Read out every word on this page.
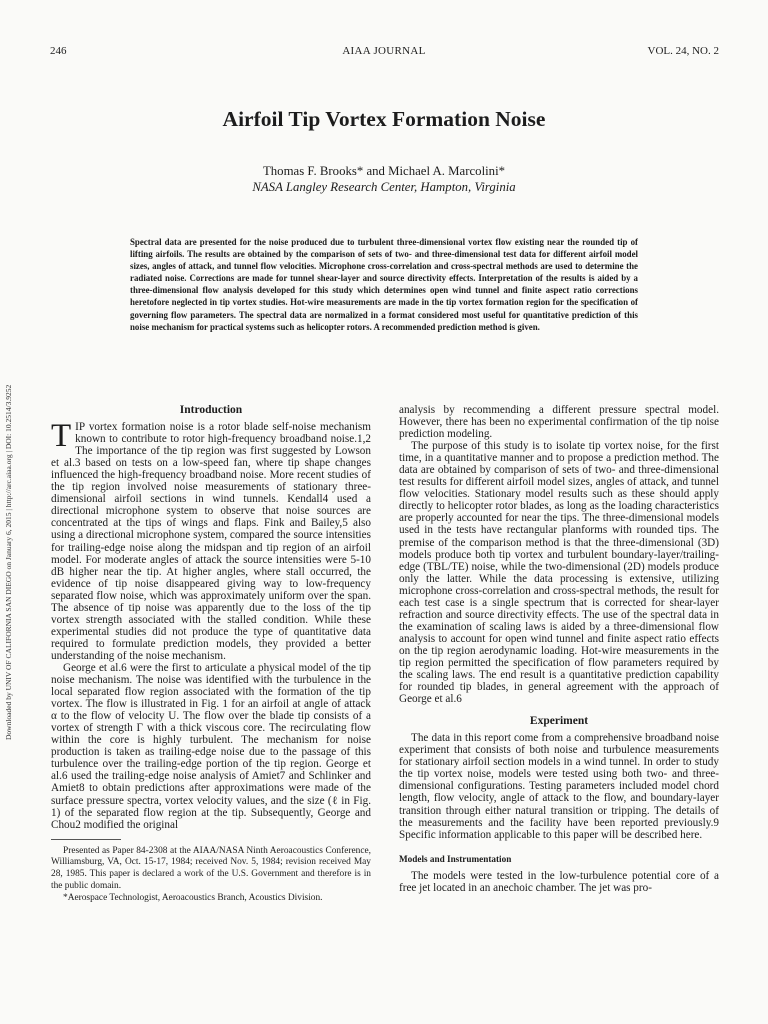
246	AIAA JOURNAL	VOL. 24, NO. 2
Airfoil Tip Vortex Formation Noise
Thomas F. Brooks* and Michael A. Marcolini*
NASA Langley Research Center, Hampton, Virginia
Spectral data are presented for the noise produced due to turbulent three-dimensional vortex flow existing near the rounded tip of lifting airfoils. The results are obtained by the comparison of sets of two- and three-dimensional test data for different airfoil model sizes, angles of attack, and tunnel flow velocities. Microphone cross-correlation and cross-spectral methods are used to determine the radiated noise. Corrections are made for tunnel shear-layer and source directivity effects. Interpretation of the results is aided by a three-dimensional flow analysis developed for this study which determines open wind tunnel and finite aspect ratio corrections heretofore neglected in tip vortex studies. Hot-wire measurements are made in the tip vortex formation region for the specification of governing flow parameters. The spectral data are normalized in a format considered most useful for quantitative prediction of this noise mechanism for practical systems such as helicopter rotors. A recommended prediction method is given.
Downloaded by UNIV OF CALIFORNIA SAN DIEGO on January 6, 2015 | http://arc.aiaa.org | DOI: 10.2514/3.9252	Introduction

TIP vortex formation noise is a rotor blade self-noise mechanism known to contribute to rotor high-frequency broadband noise.1,2 The importance of the tip region was first suggested by Lowson et al.3 based on tests on a low-speed fan, where tip shape changes influenced the high-frequency broadband noise. More recent studies of the tip region involved noise measurements of stationary three-dimensional airfoil sections in wind tunnels. Kendall4 used a directional microphone system to observe that noise sources are concentrated at the tips of wings and flaps. Fink and Bailey,5 also using a directional microphone system, compared the source intensities for trailing-edge noise along the midspan and tip region of an airfoil model. For moderate angles of attack the source intensities were 5-10 dB higher near the tip. At higher angles, where stall occurred, the evidence of tip noise disappeared giving way to low-frequency separated flow noise, which was approximately uniform over the span. The absence of tip noise was apparently due to the loss of the tip vortex strength associated with the stalled condition. While these experimental studies did not produce the type of quantitative data required to formulate prediction models, they provided a better understanding of the noise mechanism.

George et al.6 were the first to articulate a physical model of the tip noise mechanism. The noise was identified with the turbulence in the local separated flow region associated with the formation of the tip vortex. The flow is illustrated in Fig. 1 for an airfoil at angle of attack α to the flow of velocity U. The flow over the blade tip consists of a vortex of strength Γ with a thick viscous core. The recirculating flow within the core is highly turbulent. The mechanism for noise production is taken as trailing-edge noise due to the passage of this turbulence over the trailing-edge portion of the tip region. George et al.6 used the trailing-edge noise analysis of Amiet7 and Schlinker and Amiet8 to obtain predictions after approximations were made of the surface pressure spectra, vortex velocity values, and the size (ℓ in Fig. 1) of the separated flow region at the tip. Subsequently, George and Chou2 modified the original

Presented as Paper 84-2308 at the AIAA/NASA Ninth Aeroacoustics Conference, Williamsburg, VA, Oct. 15-17, 1984; received Nov. 5, 1984; revision received May 28, 1985. This paper is declared a work of the U.S. Government and therefore is in the public domain.

*Aerospace Technologist, Aeroacoustics Branch, Acoustics Division.

analysis by recommending a different pressure spectral model. However, there has been no experimental confirmation of the tip noise prediction modeling.

The purpose of this study is to isolate tip vortex noise, for the first time, in a quantitative manner and to propose a prediction method. The data are obtained by comparison of sets of two- and three-dimensional test results for different airfoil model sizes, angles of attack, and tunnel flow velocities. Stationary model results such as these should apply directly to helicopter rotor blades, as long as the loading characteristics are properly accounted for near the tips. The three-dimensional models used in the tests have rectangular planforms with rounded tips. The premise of the comparison method is that the three-dimensional (3D) models produce both tip vortex and turbulent boundary-layer/trailing-edge (TBL/TE) noise, while the two-dimensional (2D) models produce only the latter. While the data processing is extensive, utilizing microphone cross-correlation and cross-spectral methods, the result for each test case is a single spectrum that is corrected for shear-layer refraction and source directivity effects. The use of the spectral data in the examination of scaling laws is aided by a three-dimensional flow analysis to account for open wind tunnel and finite aspect ratio effects on the tip region aerodynamic loading. Hot-wire measurements in the tip region permitted the specification of flow parameters required by the scaling laws. The end result is a quantitative prediction capability for rounded tip blades, in general agreement with the approach of George et al.6

Experiment

The data in this report come from a comprehensive broadband noise experiment that consists of both noise and turbulence measurements for stationary airfoil section models in a wind tunnel. In order to study the tip vortex noise, models were tested using both two- and three-dimensional configurations. Testing parameters included model chord length, flow velocity, angle of attack to the flow, and boundary-layer transition through either natural transition or tripping. The details of the measurements and the facility have been reported previously.9 Specific information applicable to this paper will be described here.

Models and Instrumentation

The models were tested in the low-turbulence potential core of a free jet located in an anechoic chamber. The jet was pro-
